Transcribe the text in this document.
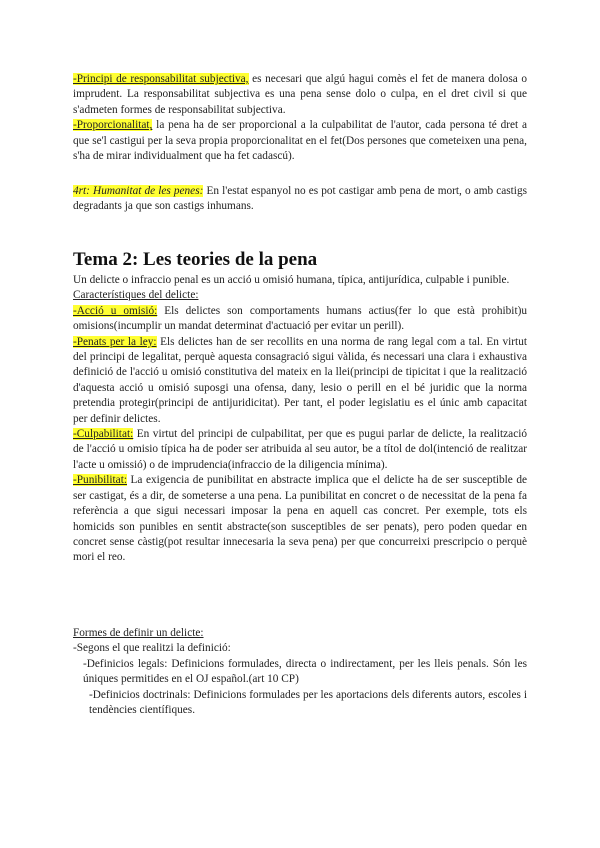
-Principi de responsabilitat subjectiva, es necesari que algú hagui comès el fet de manera dolosa o imprudent. La responsabilitat subjectiva es una pena sense dolo o culpa, en el dret civil si que s'admeten formes de responsabilitat subjectiva.

-Proporcionalitat, la pena ha de ser proporcional a la culpabilitat de l'autor, cada persona té dret a que se'l castigui per la seva propia proporcionalitat en el fet(Dos persones que cometeixen una pena, s'ha de mirar individualment que ha fet cadascú).

4rt: Humanitat de les penes: En l'estat espanyol no es pot castigar amb pena de mort, o amb castigs degradants ja que son castigs inhumans.

Tema 2: Les teories de la pena

Un delicte o infraccio penal es un acció u omisió humana, típica, antijurídica, culpable i punible.

Característiques del delicte:

-Acció u omisió: Els delictes son comportaments humans actius(fer lo que està prohibit)u omisions(incumplir un mandat determinat d'actuació per evitar un perill).

-Penats per la ley: Els delictes han de ser recollits en una norma de rang legal com a tal. En virtut del principi de legalitat, perquè aquesta consagració sigui vàlida, és necessari una clara i exhaustiva definició de l'acció u omisió constitutiva del mateix en la llei(principi de tipicitat i que la realització d'aquesta acció u omisió suposgi una ofensa, dany, lesio o perill en el bé juridic que la norma pretendia protegir(principi de antijuridicitat). Per tant, el poder legislatiu es el únic amb capacitat per definir delictes.

-Culpabilitat: En virtut del principi de culpabilitat, per que es pugui parlar de delicte, la realització de l'acció u omisio típica ha de poder ser atribuida al seu autor, be a títol de dol(intenció de realitzar l'acte u omissió) o de imprudencia(infraccio de la diligencia mínima).

-Punibilitat: La exigencia de punibilitat en abstracte implica que el delicte ha de ser susceptible de ser castigat, és a dir, de someterse a una pena. La punibilitat en concret o de necessitat de la pena fa referència a que sigui necessari imposar la pena en aquell cas concret. Per exemple, tots els homicids son punibles en sentit abstracte(son susceptibles de ser penats), pero poden quedar en concret sense càstig(pot resultar innecesaria la seva pena) per que concurreixi prescripcio o perquè mori el reo.

Formes de definir un delicte:

-Segons el que realitzi la definició:

-Definicios legals: Definicions formulades, directa o indirectament, per les lleis penals. Són les úniques permitides en el OJ español.(art 10 CP)

-Definicios doctrinals: Definicions formulades per les aportacions dels diferents autors, escoles i tendències científiques.
